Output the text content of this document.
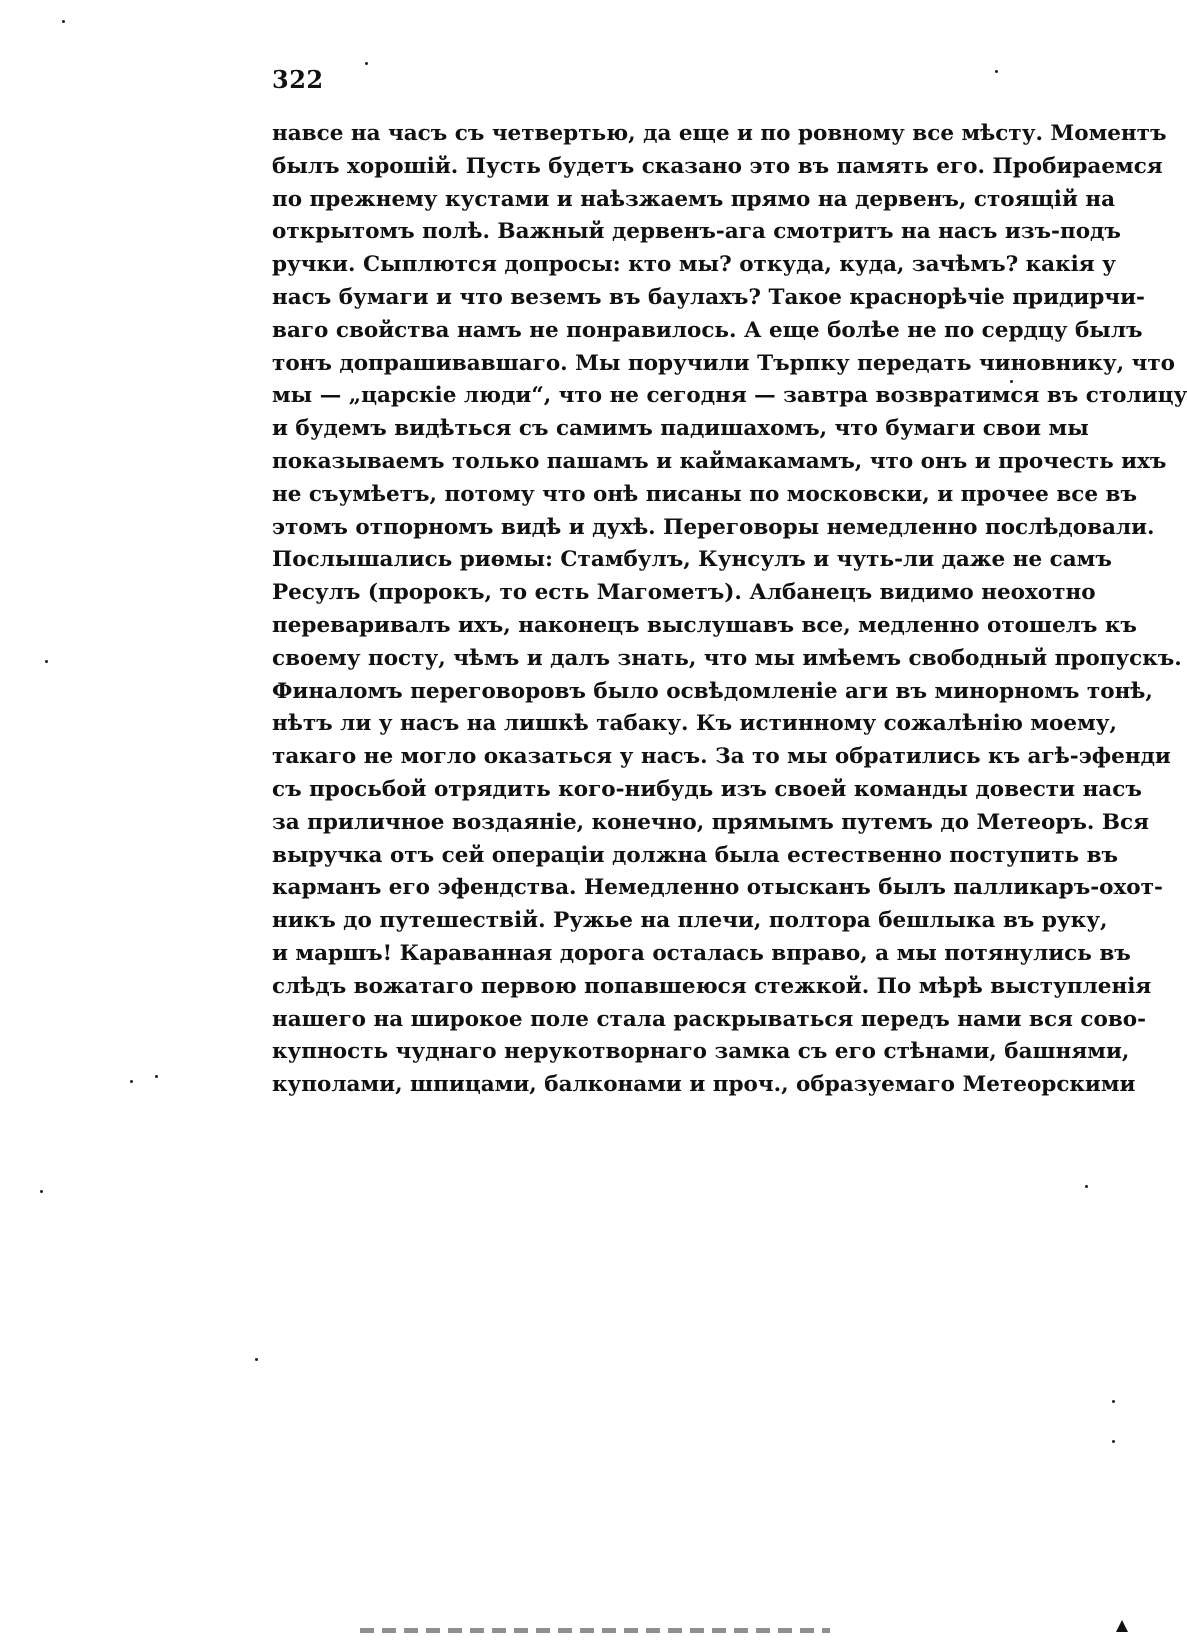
322
навсе на часъ съ четвертью, да еще и по ровному все мѣсту. Моментъ
былъ хорошій. Пусть будетъ сказано это въ память его. Пробираемся
по прежнему кустами и наѣзжаемъ прямо на дервенъ, стоящій на
открытомъ полѣ. Важный дервенъ-ага смотритъ на насъ изъ-подъ
ручки. Сыплются допросы: кто мы? откуда, куда, зачѣмъ? какія у
насъ бумаги и что веземъ въ баулахъ? Такое краснорѣчіе придирчи-
ваго свойства намъ не понравилось. А еще болѣе не по сердцу былъ
тонъ допрашивавшаго. Мы поручили Търпку передать чиновнику, что
мы — „царскіе люди“, что не сегодня — завтра возвратимся въ столицу
и будемъ видѣться съ самимъ падишахомъ, что бумаги свои мы
показываемъ только пашамъ и каймакамамъ, что онъ и прочесть ихъ
не съумѣетъ, потому что онѣ писаны по московски, и прочее все въ
этомъ отпорномъ видѣ и духѣ. Переговоры немедленно послѣдовали.
Послышались риѳмы: Стамбулъ, Кунсулъ и чуть-ли даже не самъ
Ресулъ (пророкъ, то есть Магометъ). Албанецъ видимо неохотно
переваривалъ ихъ, наконецъ выслушавъ все, медленно отошелъ къ
своему посту, чѣмъ и далъ знать, что мы имѣемъ свободный пропускъ.
Финаломъ переговоровъ было освѣдомленіе аги въ минорномъ тонѣ,
нѣтъ ли у насъ на лишкѣ табаку. Къ истинному сожалѣнію моему,
такаго не могло оказаться у насъ. За то мы обратились къ агѣ-эфенди
съ просьбой отрядить кого-нибудь изъ своей команды довести насъ
за приличное воздаяніе, конечно, прямымъ путемъ до Метеоръ. Вся
выручка отъ сей операціи должна была естественно поступить въ
карманъ его эфендства. Немедленно отысканъ былъ палликаръ-охот-
никъ до путешествій. Ружье на плечи, полтора бешлыка въ руку,
и маршъ! Караванная дорога осталась вправо, а мы потянулись въ
слѣдъ вожатаго первою попавшеюся стежкой. По мѣрѣ выступленія
нашего на широкое поле стала раскрываться передъ нами вся сово-
купность чуднаго нерукотворнаго замка съ его стѣнами, башнями,
куполами, шпицами, балконами и проч., образуемаго Метеорскими
